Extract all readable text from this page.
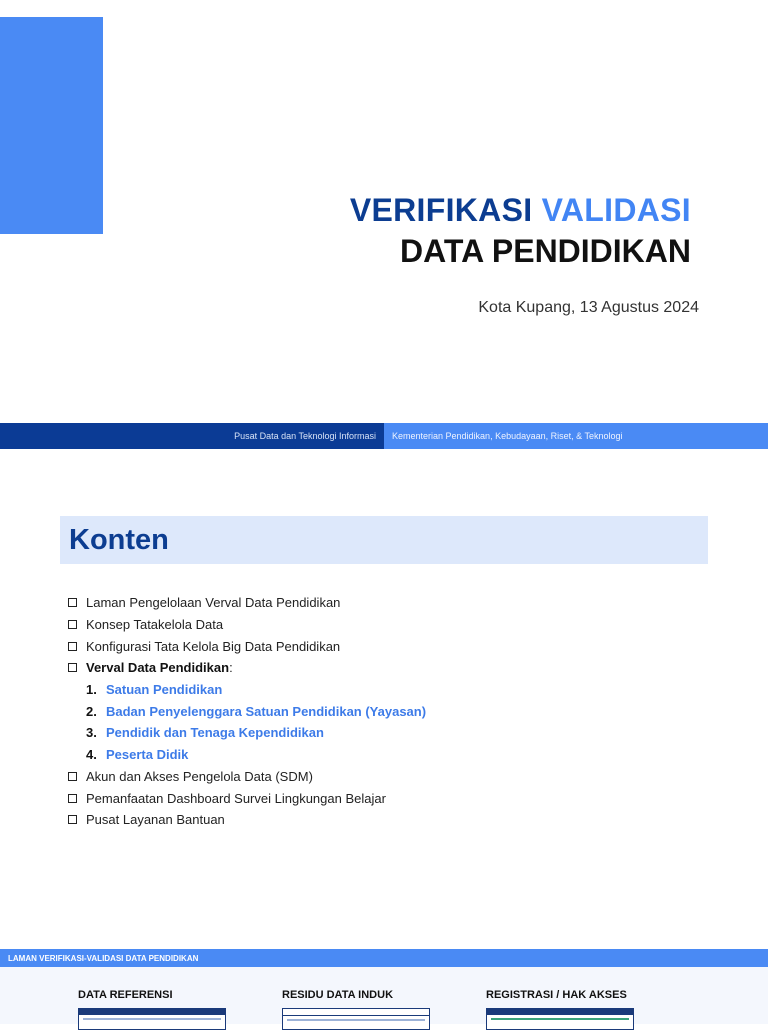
VERIFIKASI VALIDASI
DATA PENDIDIKAN
Kota Kupang, 13 Agustus 2024
Pusat Data dan Teknologi Informasi Kementerian Pendidikan, Kebudayaan, Riset, & Teknologi
Konten
Laman Pengelolaan Verval Data Pendidikan
Konsep Tatakelola Data
Konfigurasi Tata Kelola Big Data Pendidikan
Verval Data Pendidikan :
1. Satuan Pendidikan
2. Badan Penyelenggara Satuan Pendidikan (Yayasan)
3. Pendidik dan Tenaga Kependidikan
4. Peserta Didik
Akun dan Akses Pengelola Data (SDM)
Pemanfaatan Dashboard Survei Lingkungan Belajar
Pusat Layanan Bantuan
LAMAN VERIFIKASI-VALIDASI DATA PENDIDIKAN
DATA REFERENSI	RESIDU DATA INDUK	REGISTRASI / HAK AKSES
